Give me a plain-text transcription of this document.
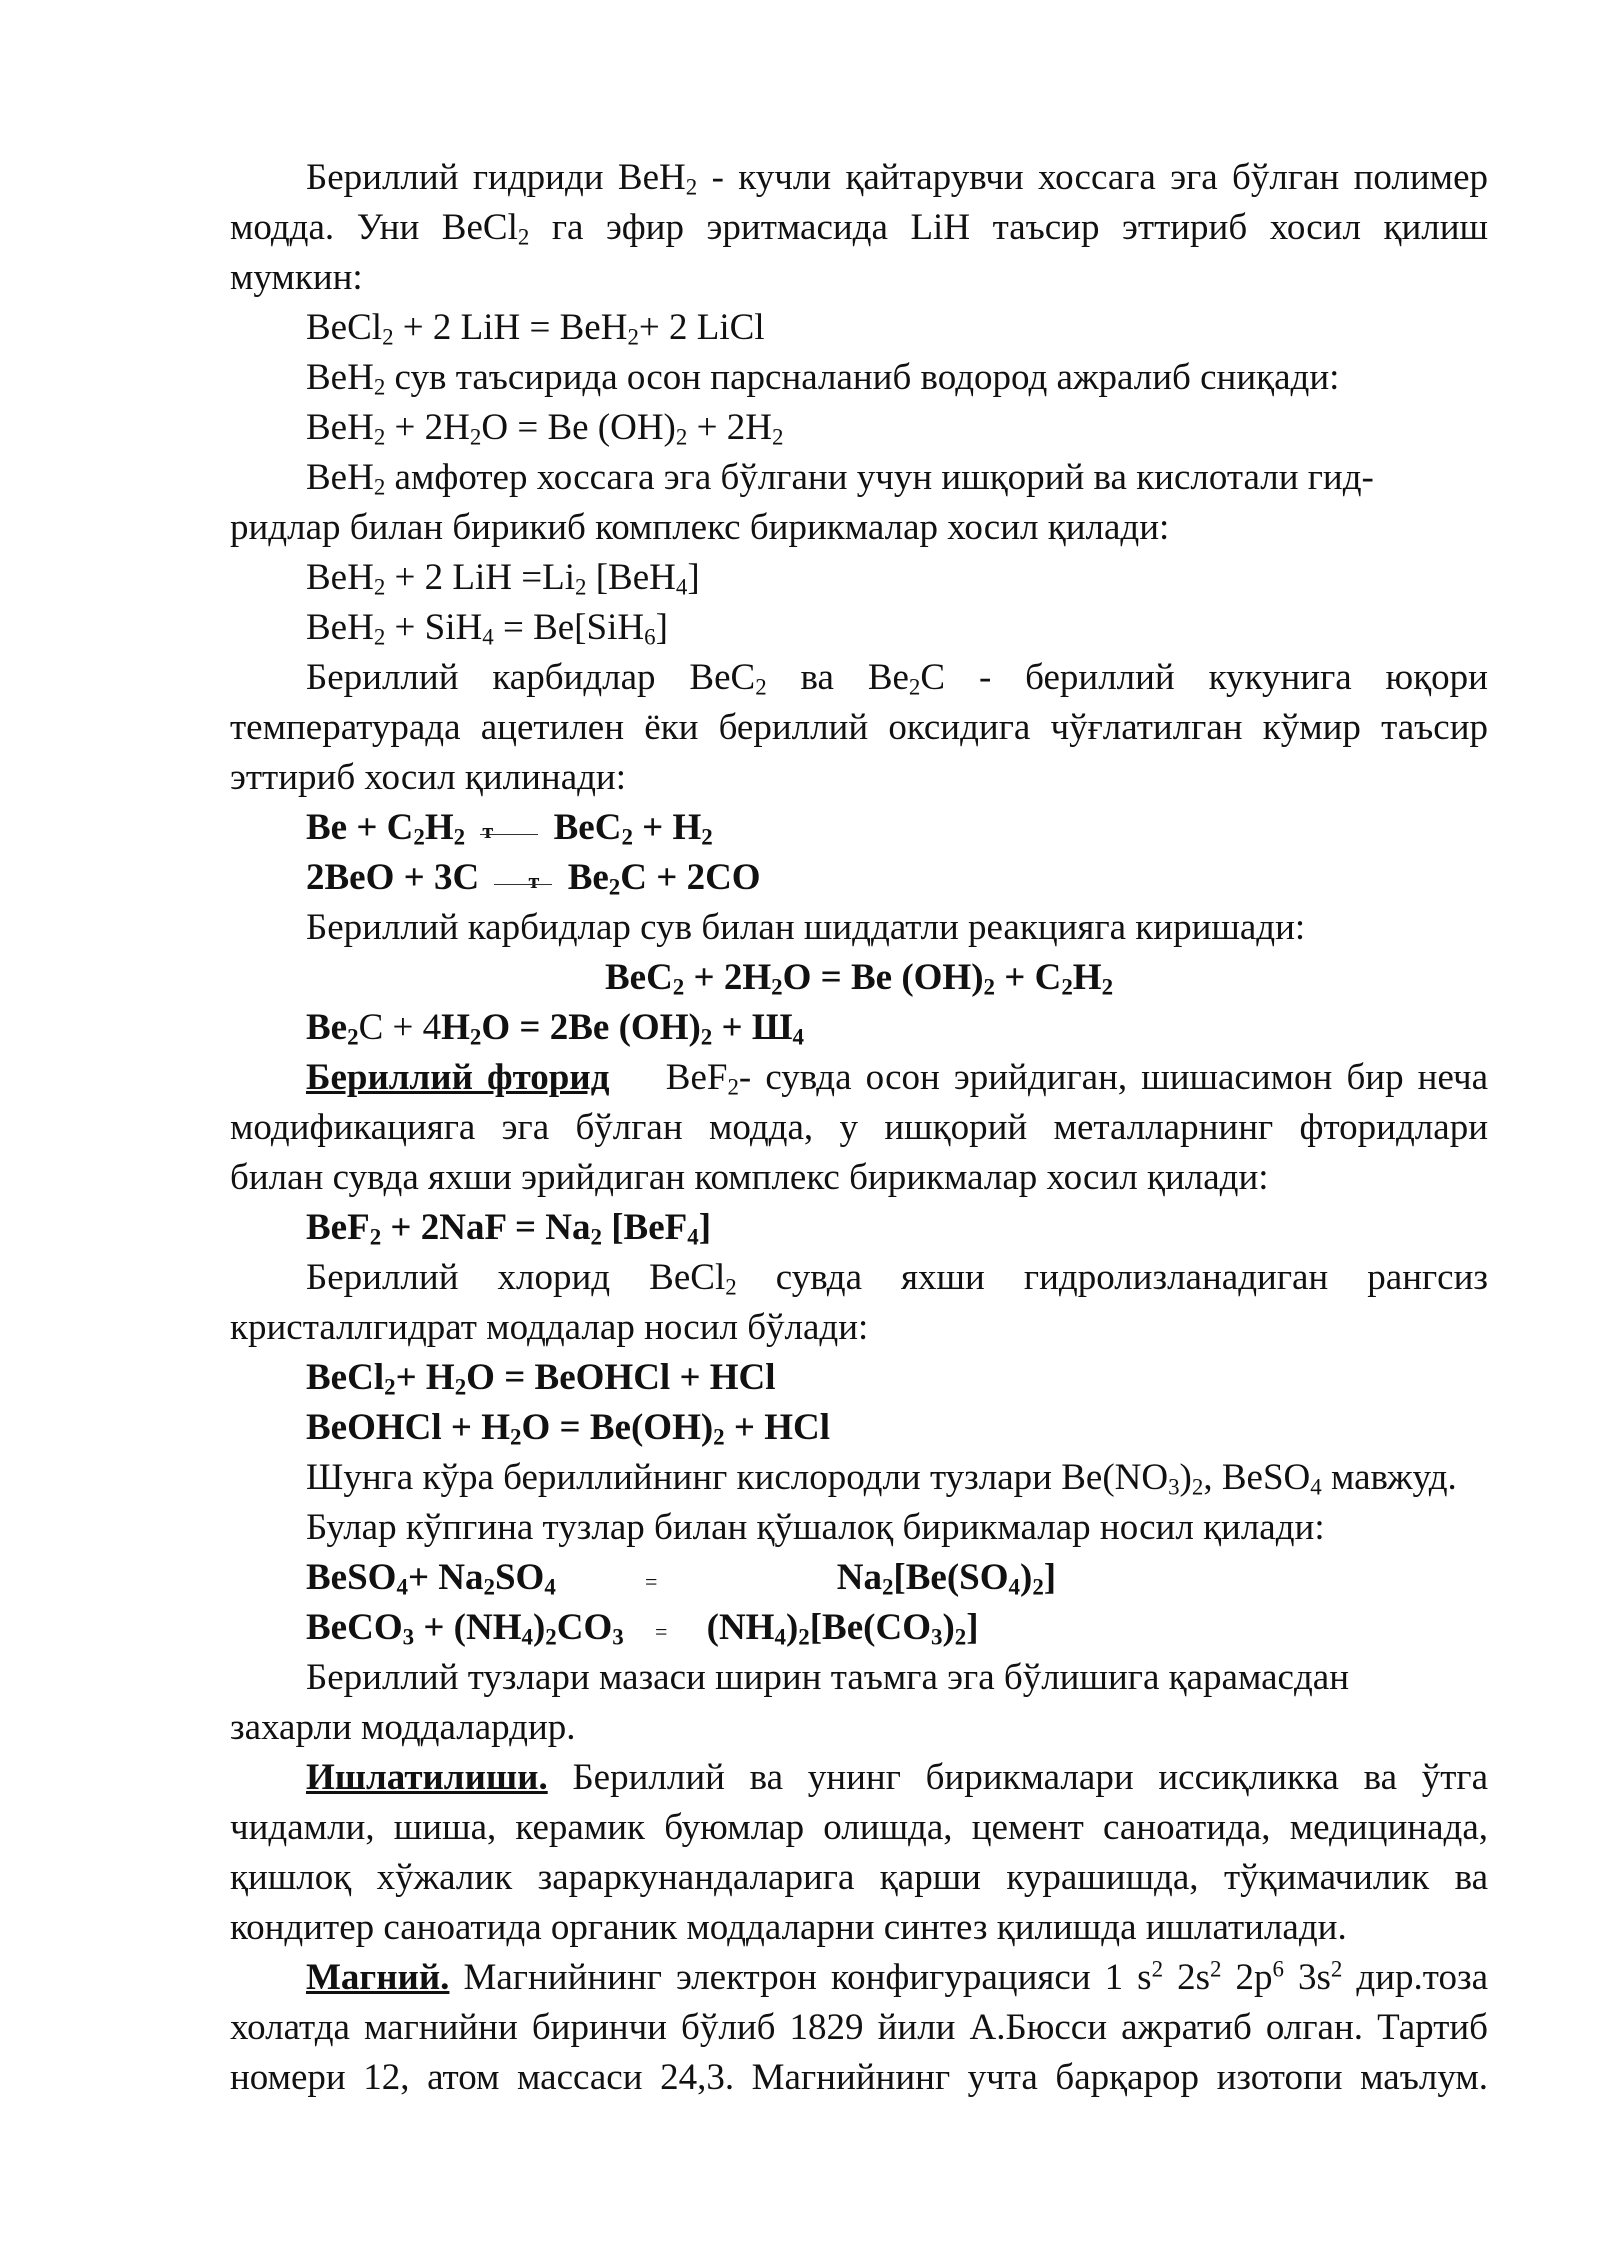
Бериллий гидриди BeH$_2$ - кучли қайтарувчи хоссага эга бўлган полимер
модда. Уни BeCl$_2$ га эфир эритмасида LiH таъсир эттириб хосил қилиш
мумкин:
BeCl$_2$ + 2 LiH = BeH$_2$+ 2 LiCl
BeH$_2$ сув таъсирида осон парсналаниб водород ажралиб сниқади:
$BeH_2 + 2H_2O = Be$ $(OH)_2 + 2H_2$
BeH$_2$ амфотер хоссага эга бўлгани учун ишқорий ва кислотали гид-
ридлар билан бирикиб комплекс бирикмалар хосил қилади:
BeH$_2$ + 2 LiH $=Li_2$ [BeH$_4$]
BeH$_2$ + SiH$_4$ = Be[SiH$_6$]
Бериллий карбидлар BeC$_2$ ва $Be_2C$ - бериллий кукунига юқори
температурада ацетилен ёки бериллий оксидига чўғлатилган кўмир таъсир
эттириб хосил қилинади:
$Be + C_2H_2$ т $BeC_2 + H_2$
2BeO + 3C т $Be_2C + 2CO$
Бериллий карбидлар сув билан шиддатли реакцияга киришади:
$BeC_2 + 2H_2O = Be$ $(OH)_2 + C_2H_2$
$Be_2C + 4H_2O = 2Be$ $(OH)_2 + Ш_4$
Бериллий фторид BeF$_2$- сувда осон эрийдиган, шишасимон бир неча
модификацияга эга бўлган модда, у ишқорий металларнинг фторидлари
билан сувда яхши эрийдиган комплекс бирикмалар хосил қилади:
$BeF_2 + 2NaF = Na_2$ [BeF$_4$]
Бериллий хлорид BeCl$_2$ сувда яхши гидролизланадиган рангсиз
кристаллгидрат моддалар носил бўлади:
BeCl$_2$+ $H_2O$ = BeOHCl + HCl
BeOHCl + $H_2O = Be(OH)_2$ + HCl
Шунга кўра бериллийнинг кислородли тузлари $Be(NO_3)_2$, BeSO$_4$ мавжуд.
Булар кўпгина тузлар билан қўшалоқ бирикмалар носил қилади:
BeSO$_4$+ $Na_2SO_4$	=	$Na_2[Be(SO_4)_2]$
BeCO$_3$ + $(NH_4)_2CO_3 = (NH_4)_2[Be(CO_3)_2]$
Бериллий тузлари мазаси ширин таъмга эга бўлишига қарамасдан
захарли моддалардир.
Ишлатилиши. Бериллий ва унинг бирикмалари иссиқликка ва ўтга
чидамли, шиша, керамик буюмлар олишда, цемент саноатида, медицинада,
қишлоқ хўжалик зараркунандаларига қарши курашишда, тўқимачилик ва
кондитер саноатида органик моддаларни синтез қилишда ишлатилади.
Магний. Магнийнинг электрон конфигурацияси 1 $s^2$ $2s^2$ $2p^6$ $3s^2$ дир.тоза
холатда магнийни биринчи бўлиб 1829 йили А.Бюсси ажратиб олган. Тартиб
номери 12, атом массаси 24,3. Магнийнинг учта барқарор изотопи маълум.
